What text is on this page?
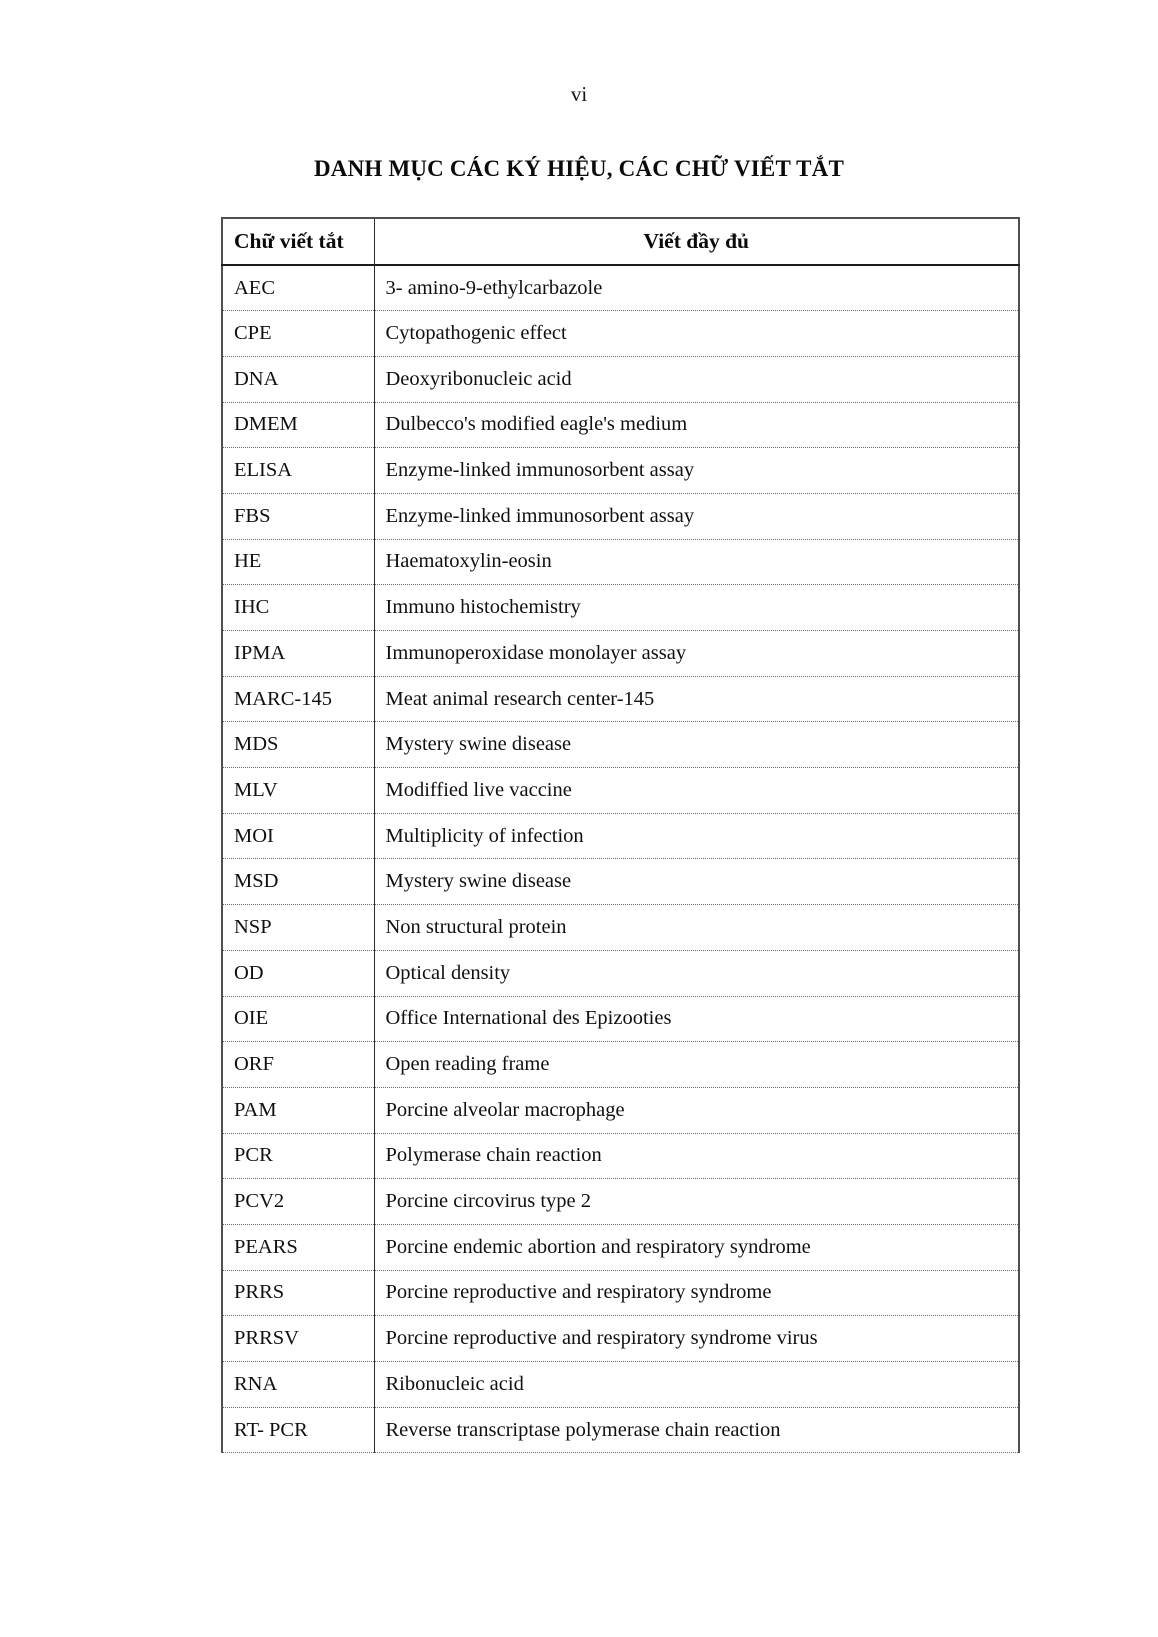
vi
DANH MỤC CÁC KÝ HIỆU, CÁC CHỮ VIẾT TẮT
Chữ viết tắt	Viết đầy đủ
AEC	3- amino-9-ethylcarbazole
CPE	Cytopathogenic effect
DNA	Deoxyribonucleic acid
DMEM	Dulbecco's modified eagle's medium
ELISA	Enzyme-linked immunosorbent assay
FBS	Enzyme-linked immunosorbent assay
HE	Haematoxylin-eosin
IHC	Immuno histochemistry
IPMA	Immunoperoxidase monolayer assay
MARC-145	Meat animal research center-145
MDS	Mystery swine disease
MLV	Modiffied live vaccine
MOI	Multiplicity of infection
MSD	Mystery swine disease
NSP	Non structural protein
OD	Optical density
OIE	Office International des Epizooties
ORF	Open reading frame
PAM	Porcine alveolar macrophage
PCR	Polymerase chain reaction
PCV2	Porcine circovirus type 2
PEARS	Porcine endemic abortion and respiratory syndrome
PRRS	Porcine reproductive and respiratory syndrome
PRRSV	Porcine reproductive and respiratory syndrome virus
RNA	Ribonucleic acid
RT- PCR	Reverse transcriptase polymerase chain reaction
